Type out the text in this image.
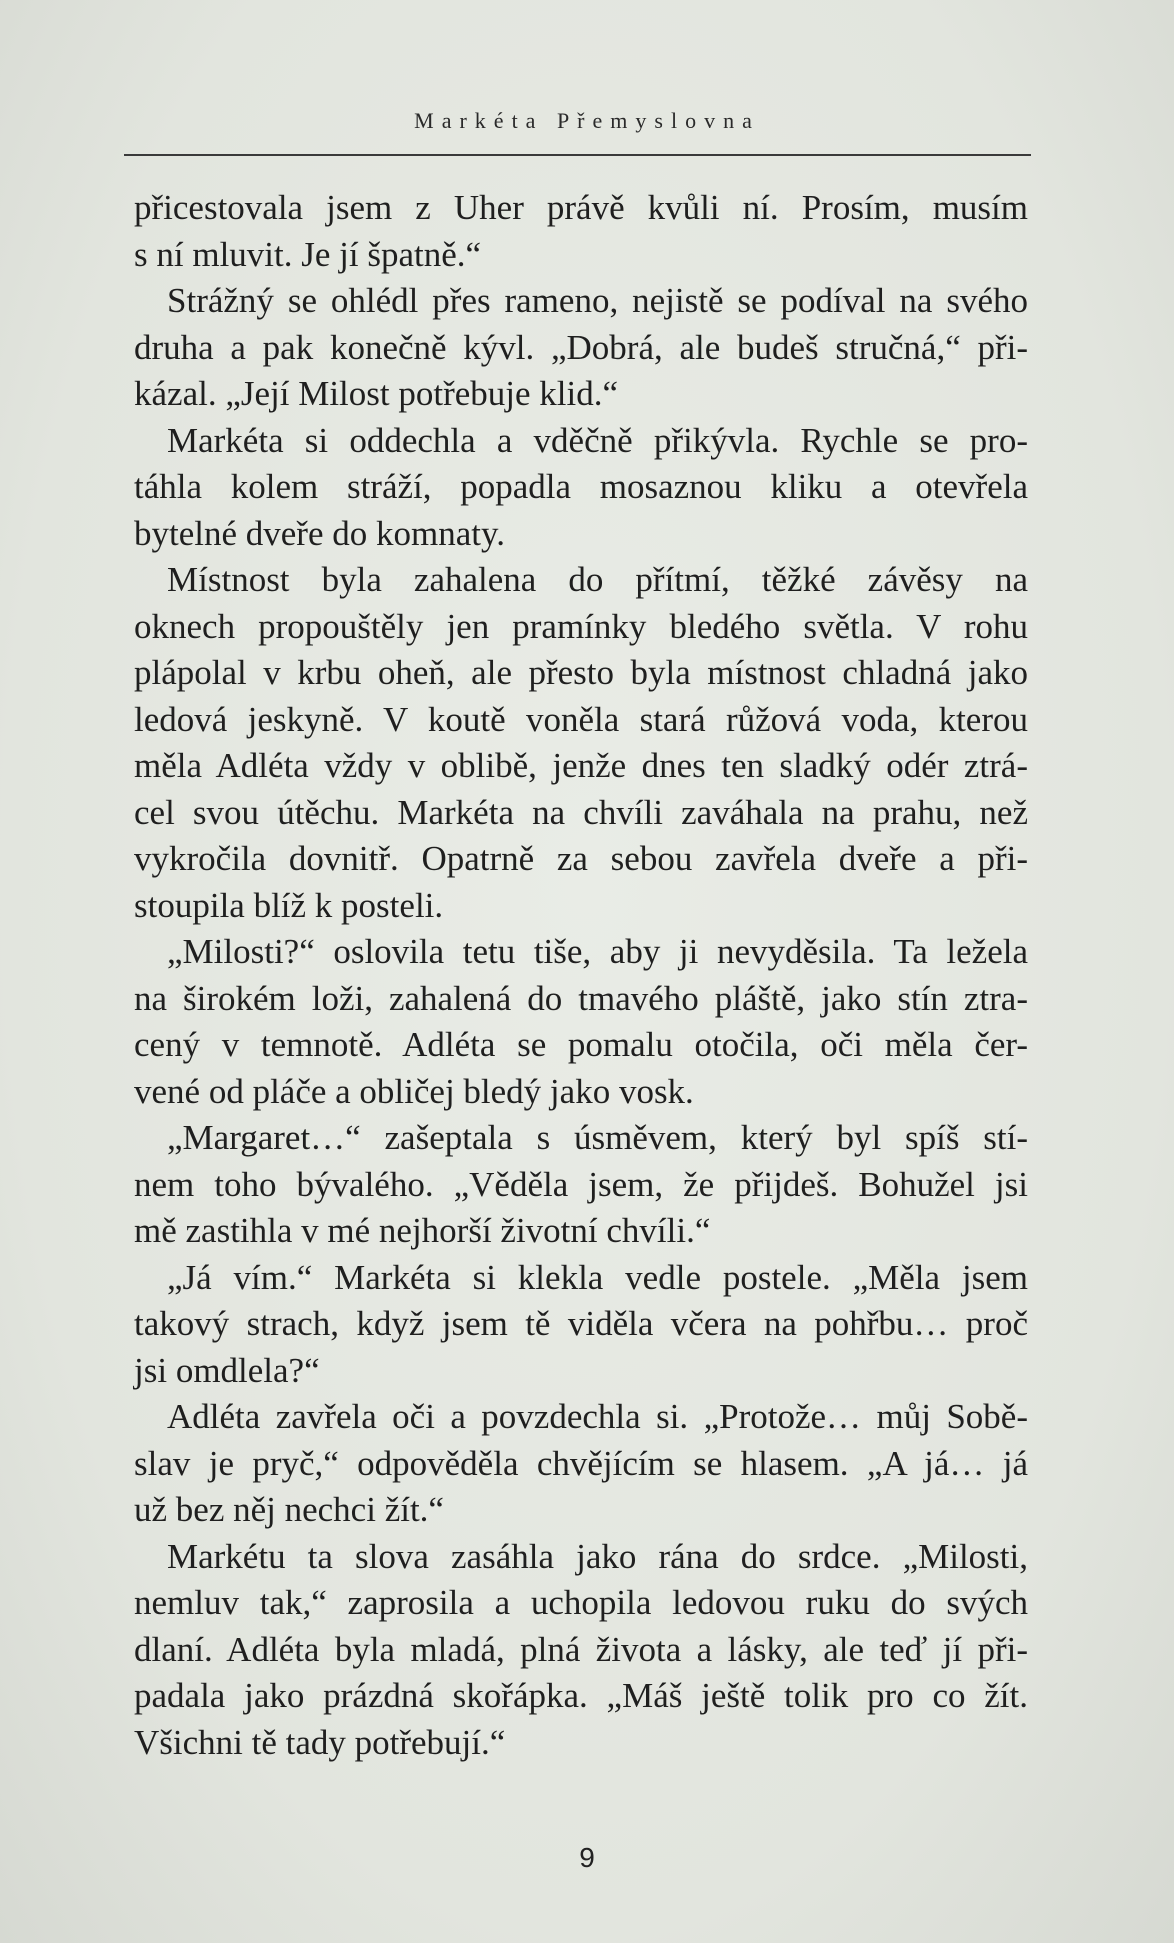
Markéta Přemyslovna
přicestovala jsem z Uher právě kvůli ní. Prosím, musím
s ní mluvit. Je jí špatně.“
Strážný se ohlédl přes rameno, nejistě se podíval na svého
druha a pak konečně kývl. „Dobrá, ale budeš stručná,“ při-
kázal. „Její Milost potřebuje klid.“
Markéta si oddechla a vděčně přikývla. Rychle se pro-
táhla kolem stráží, popadla mosaznou kliku a otevřela
bytelné dveře do komnaty.
Místnost byla zahalena do přítmí, těžké závěsy na
oknech propouštěly jen pramínky bledého světla. V rohu
plápolal v krbu oheň, ale přesto byla místnost chladná jako
ledová jeskyně. V koutě voněla stará růžová voda, kterou
měla Adléta vždy v oblibě, jenže dnes ten sladký odér ztrá-
cel svou útěchu. Markéta na chvíli zaváhala na prahu, než
vykročila dovnitř. Opatrně za sebou zavřela dveře a při-
stoupila blíž k posteli.
„Milosti?“ oslovila tetu tiše, aby ji nevyděsila. Ta ležela
na širokém loži, zahalená do tmavého pláště, jako stín ztra-
cený v temnotě. Adléta se pomalu otočila, oči měla čer-
vené od pláče a obličej bledý jako vosk.
„Margaret…“ zašeptala s úsměvem, který byl spíš stí-
nem toho bývalého. „Věděla jsem, že přijdeš. Bohužel jsi
mě zastihla v mé nejhorší životní chvíli.“
„Já vím.“ Markéta si klekla vedle postele. „Měla jsem
takový strach, když jsem tě viděla včera na pohřbu… proč
jsi omdlela?“
Adléta zavřela oči a povzdechla si. „Protože… můj Sobě-
slav je pryč,“ odpověděla chvějícím se hlasem. „A já… já
už bez něj nechci žít.“
Markétu ta slova zasáhla jako rána do srdce. „Milosti,
nemluv tak,“ zaprosila a uchopila ledovou ruku do svých
dlaní. Adléta byla mladá, plná života a lásky, ale teď jí při-
padala jako prázdná skořápka. „Máš ještě tolik pro co žít.
Všichni tě tady potřebují.“
9
